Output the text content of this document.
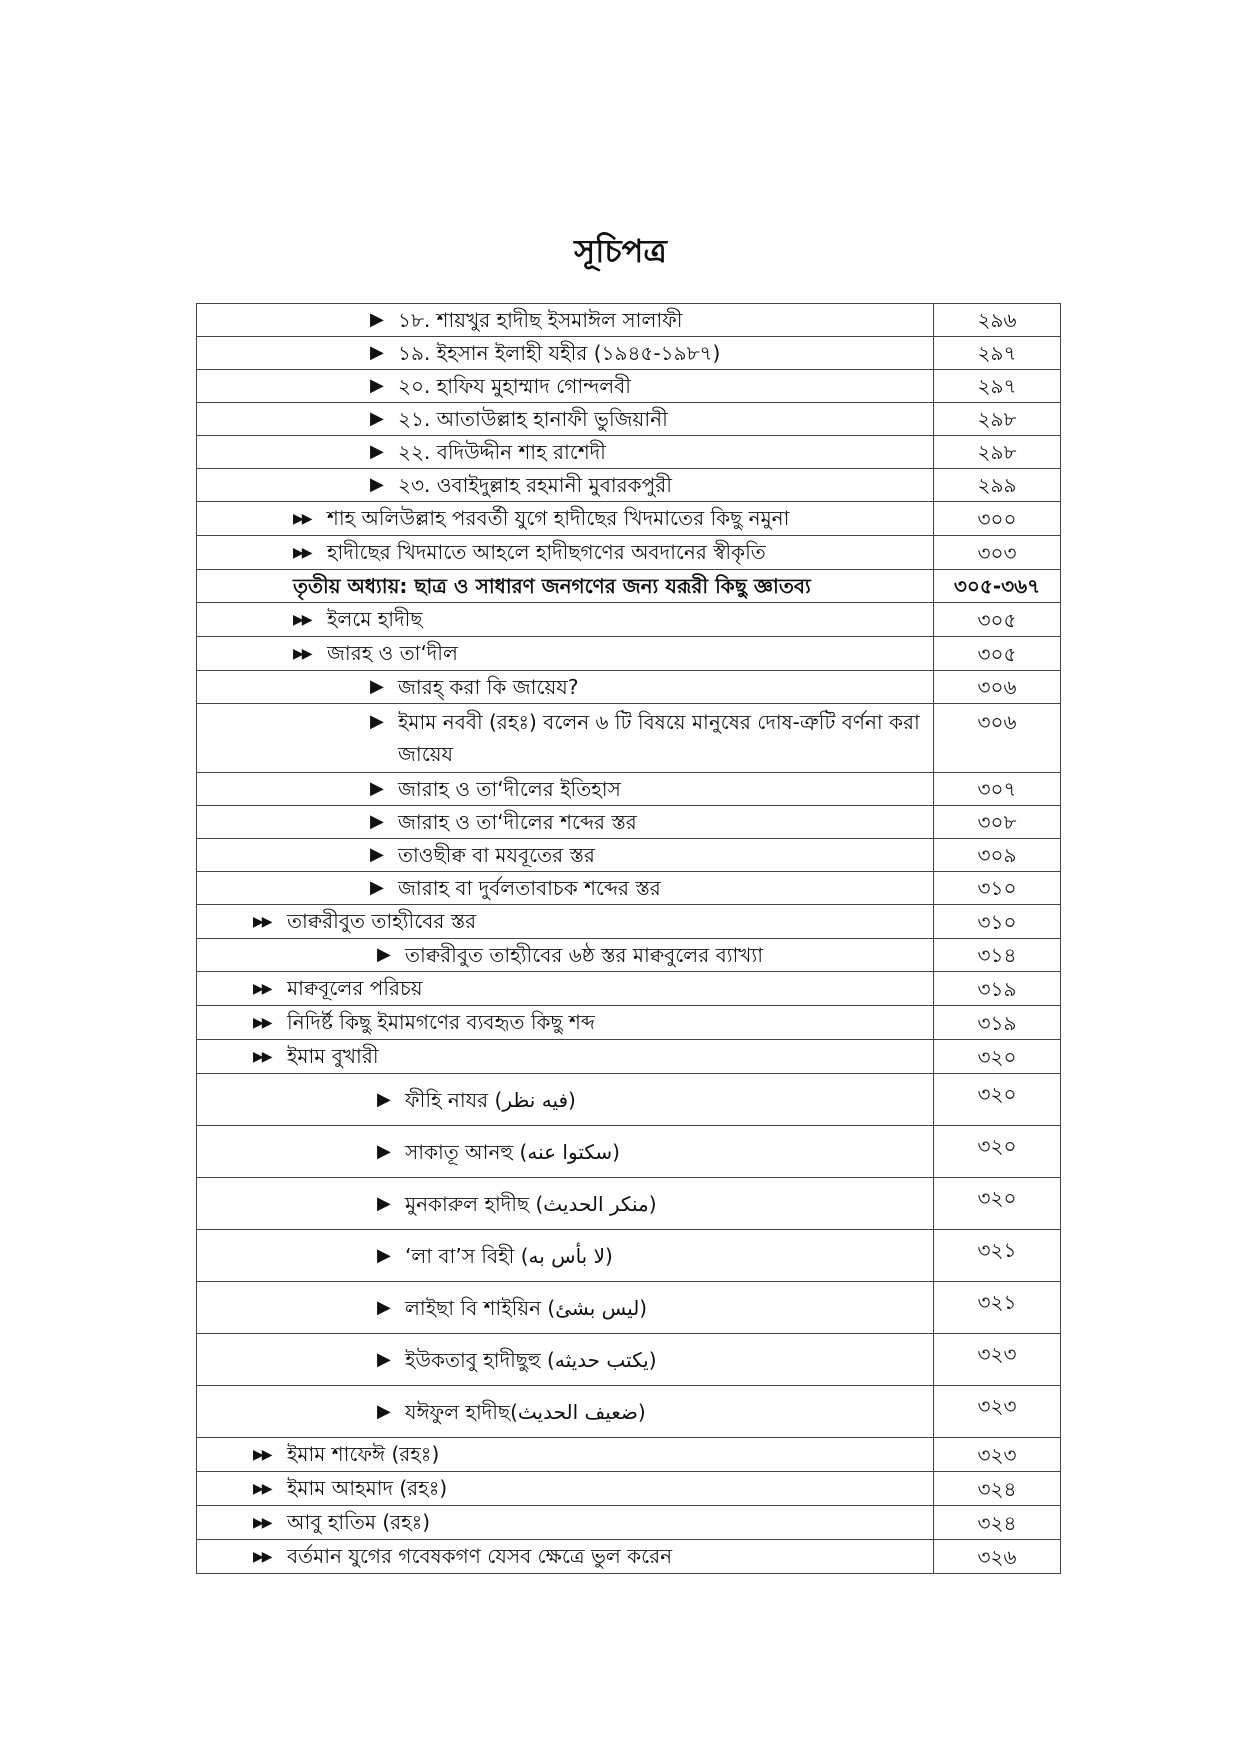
সূচিপত্র
▶ ১৮. শায়খুর হাদীছ ইসমাঈল সালাফী	২৯৬

▶ ১৯. ইহসান ইলাহী যহীর (১৯৪৫-১৯৮৭)	২৯৭

▶ ২০. হাফিয মুহাম্মাদ গোন্দলবী	২৯৭

▶ ২১. আতাউল্লাহ হানাফী ভুজিয়ানী	২৯৮

▶ ২২. বদিউদ্দীন শাহ রাশেদী	২৯৮

▶ ২৩. ওবাইদুল্লাহ রহমানী মুবারকপুরী	২৯৯

▶▶ শাহ অলিউল্লাহ পরবর্তী যুগে হাদীছের খিদমাতের কিছু নমুনা	৩০০

▶▶ হাদীছের খিদমাতে আহলে হাদীছগণের অবদানের স্বীকৃতি	৩০৩
তৃতীয় অধ্যায়: ছাত্র ও সাধারণ জনগণের জন্য যরূরী কিছু জ্ঞাতব্য	৩০৫-৩৬৭

▶▶ ইলমে হাদীছ	৩০৫

▶▶ জারহ ও তা‘দীল	৩০৫

▶ জারহ্ করা কি জায়েয?	৩০৬

▶ ইমাম নববী (রহঃ) বলেন ৬ টি বিষয়ে মানুষের দোষ-ত্রুটি বর্ণনা করা জায়েয	৩০৬

▶ জারাহ ও তা‘দীলের ইতিহাস	৩০৭

▶ জারাহ ও তা‘দীলের শব্দের স্তর	৩০৮

▶ তাওছীক্ব বা মযবূতের স্তর	৩০৯

▶ জারাহ বা দুর্বলতাবাচক শব্দের স্তর	৩১০

▶▶ তাক্বরীবুত তাহ্যীবের স্তর	৩১০

▶ তাক্বরীবুত তাহ্যীবের ৬ষ্ঠ স্তর মাক্ববুলের ব্যাখ্যা	৩১৪

▶▶ মাক্ববূলের পরিচয়	৩১৯

▶▶ নিদির্ষ্ট কিছু ইমামগণের ব্যবহৃত কিছু শব্দ	৩১৯

▶▶ ইমাম বুখারী	৩২০

▶ ফীহি নাযর (فيه نظر)	৩২০

▶ সাকাতূ আনহু (سكتوا عنه)	৩২০

▶ মুনকারুল হাদীছ (منكر الحديث)	৩২০

▶ ‘লা বা’স বিহী (لا بأس به)	৩২১

▶ লাইছা বি শাইয়িন (ليس بشئ)	৩২১

▶ ইউকতাবু হাদীছুহু (يكتب حديثه)	৩২৩

▶ যঈফুল হাদীছ(ضعيف الحديث)	৩২৩

▶▶ ইমাম শাফেঈ (রহঃ)	৩২৩

▶▶ ইমাম আহমাদ (রহঃ)	৩২৪

▶▶ আবু হাতিম (রহঃ)	৩২৪

▶▶ বর্তমান যুগের গবেষকগণ যেসব ক্ষেত্রে ভুল করেন	৩২৬
